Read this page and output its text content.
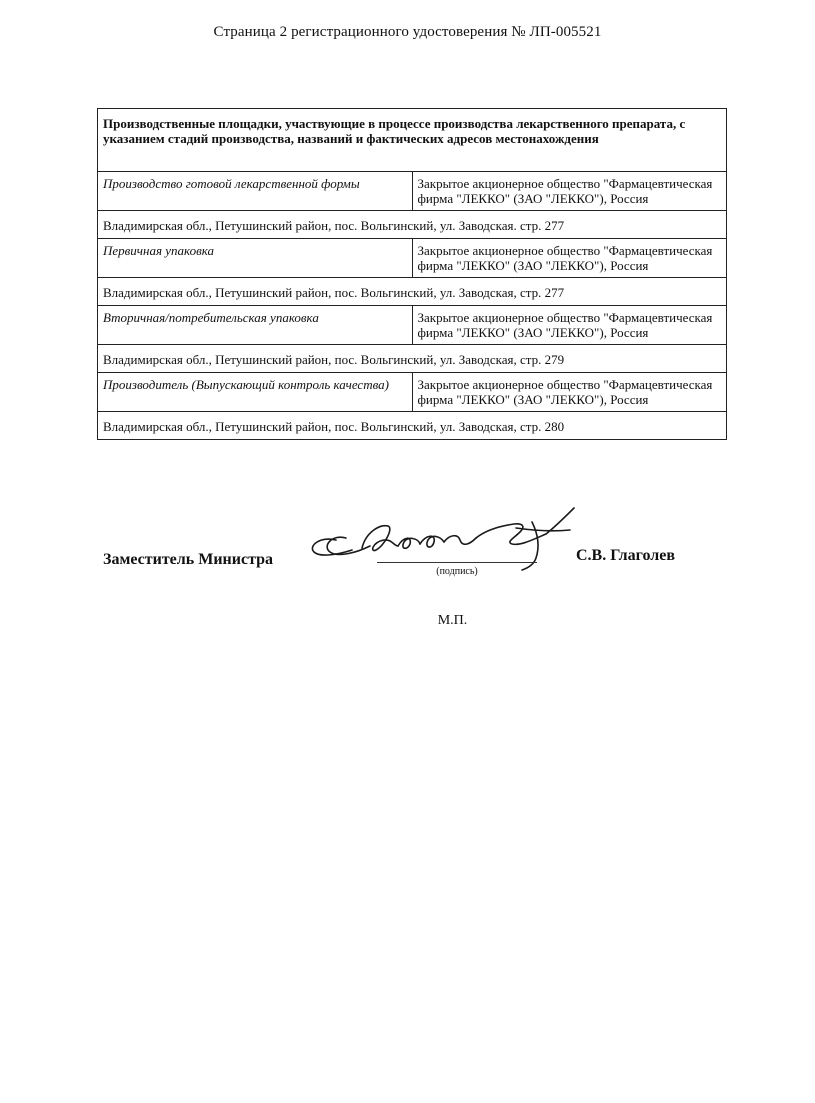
Страница 2 регистрационного удостоверения № ЛП-005521
Производственные площадки, участвующие в процессе производства лекарственного препарата, с указанием стадий производства, названий и фактических адресов местонахождения	
Производство готовой лекарственной формы	Закрытое акционерное общество "Фармацевтическая фирма "ЛЕККО" (ЗАО "ЛЕККО"), Россия
Владимирская обл., Петушинский район, пос. Вольгинский, ул. Заводская. стр. 277	
Первичная упаковка	Закрытое акционерное общество "Фармацевтическая фирма "ЛЕККО" (ЗАО "ЛЕККО"), Россия
Владимирская обл., Петушинский район, пос. Вольгинский, ул. Заводская, стр. 277	
Вторичная/потребительская упаковка	Закрытое акционерное общество "Фармацевтическая фирма "ЛЕККО" (ЗАО "ЛЕККО"), Россия
Владимирская обл., Петушинский район, пос. Вольгинский, ул. Заводская, стр. 279	
Производитель (Выпускающий контроль качества)	Закрытое акционерное общество "Фармацевтическая фирма "ЛЕККО" (ЗАО "ЛЕККО"), Россия
Владимирская обл., Петушинский район, пос. Вольгинский, ул. Заводская, стр. 280	
Заместитель Министра
(подпись)
С.В. Глаголев
М.П.
